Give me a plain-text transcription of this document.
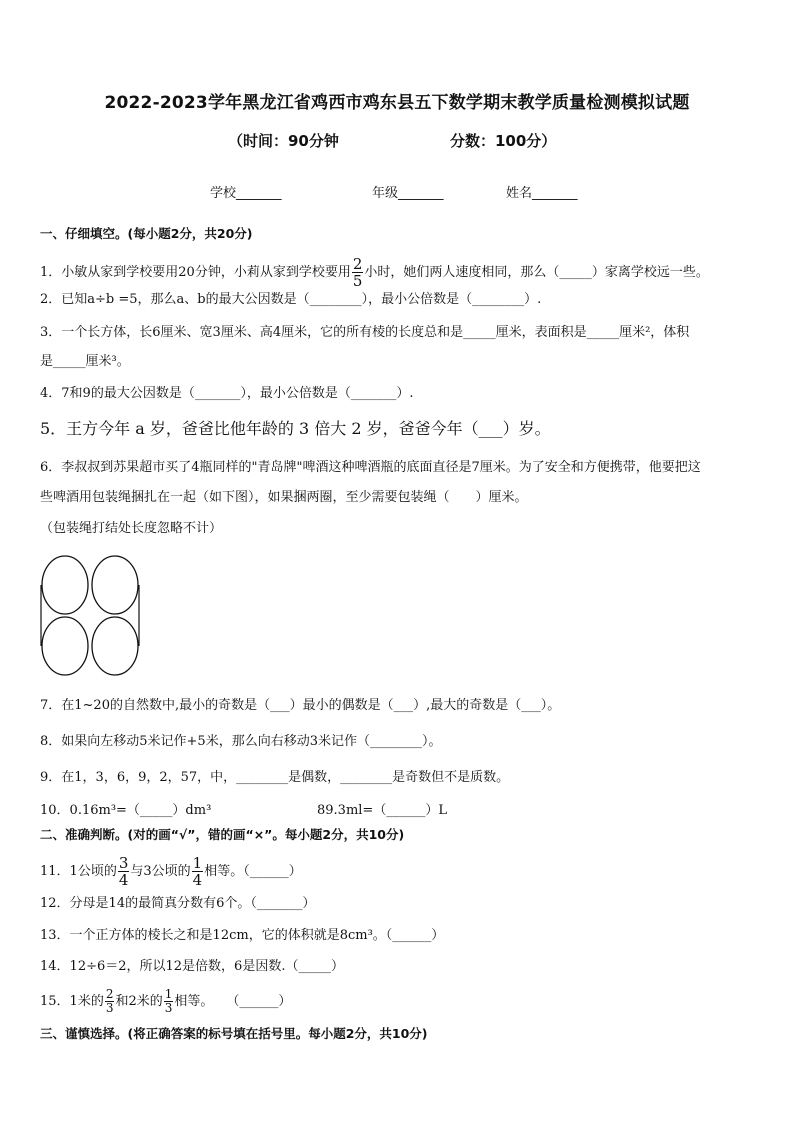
2022-2023学年黑龙江省鸡西市鸡东县五下数学期末教学质量检测模拟试题
（时间：90分钟	分数：100分）
学校_______	年级_______	姓名_______
一、仔细填空。(每小题2分，共20分)
1．小敏从家到学校要用20分钟，小莉从家到学校要用 $\frac{2}{5}$ 小时，她们两人速度相同，那么（_____）家离学校远一些。
2．已知a÷b =5，那么a、b的最大公因数是（________），最小公倍数是（________）.
3．一个长方体，长6厘米、宽3厘米、高4厘米，它的所有棱的长度总和是_____厘米，表面积是_____厘米²，体积
是_____厘米³。
4．7和9的最大公因数是（_______），最小公倍数是（_______）.
5．王方今年 a 岁，爸爸比他年龄的 3 倍大 2 岁，爸爸今年（___）岁。
6．李叔叔到苏果超市买了4瓶同样的"青岛牌"啤酒这种啤酒瓶的底面直径是7厘米。为了安全和方便携带，他要把这
些啤酒用包装绳捆扎在一起（如下图），如果捆两圈，至少需要包装绳（　　）厘米。
（包装绳打结处长度忽略不计）
7．在1~20的自然数中,最小的奇数是（___）最小的偶数是（___）,最大的奇数是（___）。
8．如果向左移动5米记作+5米，那么向右移动3米记作（________）。
9．在1，3，6，9，2，57，中，________是偶数，________是奇数但不是质数。
10．0.16m³=（_____）dm³	89.3ml=（______）L
二、准确判断。(对的画“√”，错的画“×”。每小题2分，共10分)
11．1公顷的 $\frac{3}{4}$ 与3公顷的 $\frac{1}{4}$ 相等。（______）
12．分母是14的最简真分数有6个。（_______）
13．一个正方体的棱长之和是12cm，它的体积就是8cm³。（______）
14．12÷6＝2，所以12是倍数，6是因数.（_____）
15．1米的 $\frac{2}{3}$ 和2米的 $\frac{1}{3}$ 相等。　　（______）
三、谨慎选择。(将正确答案的标号填在括号里。每小题2分，共10分)
